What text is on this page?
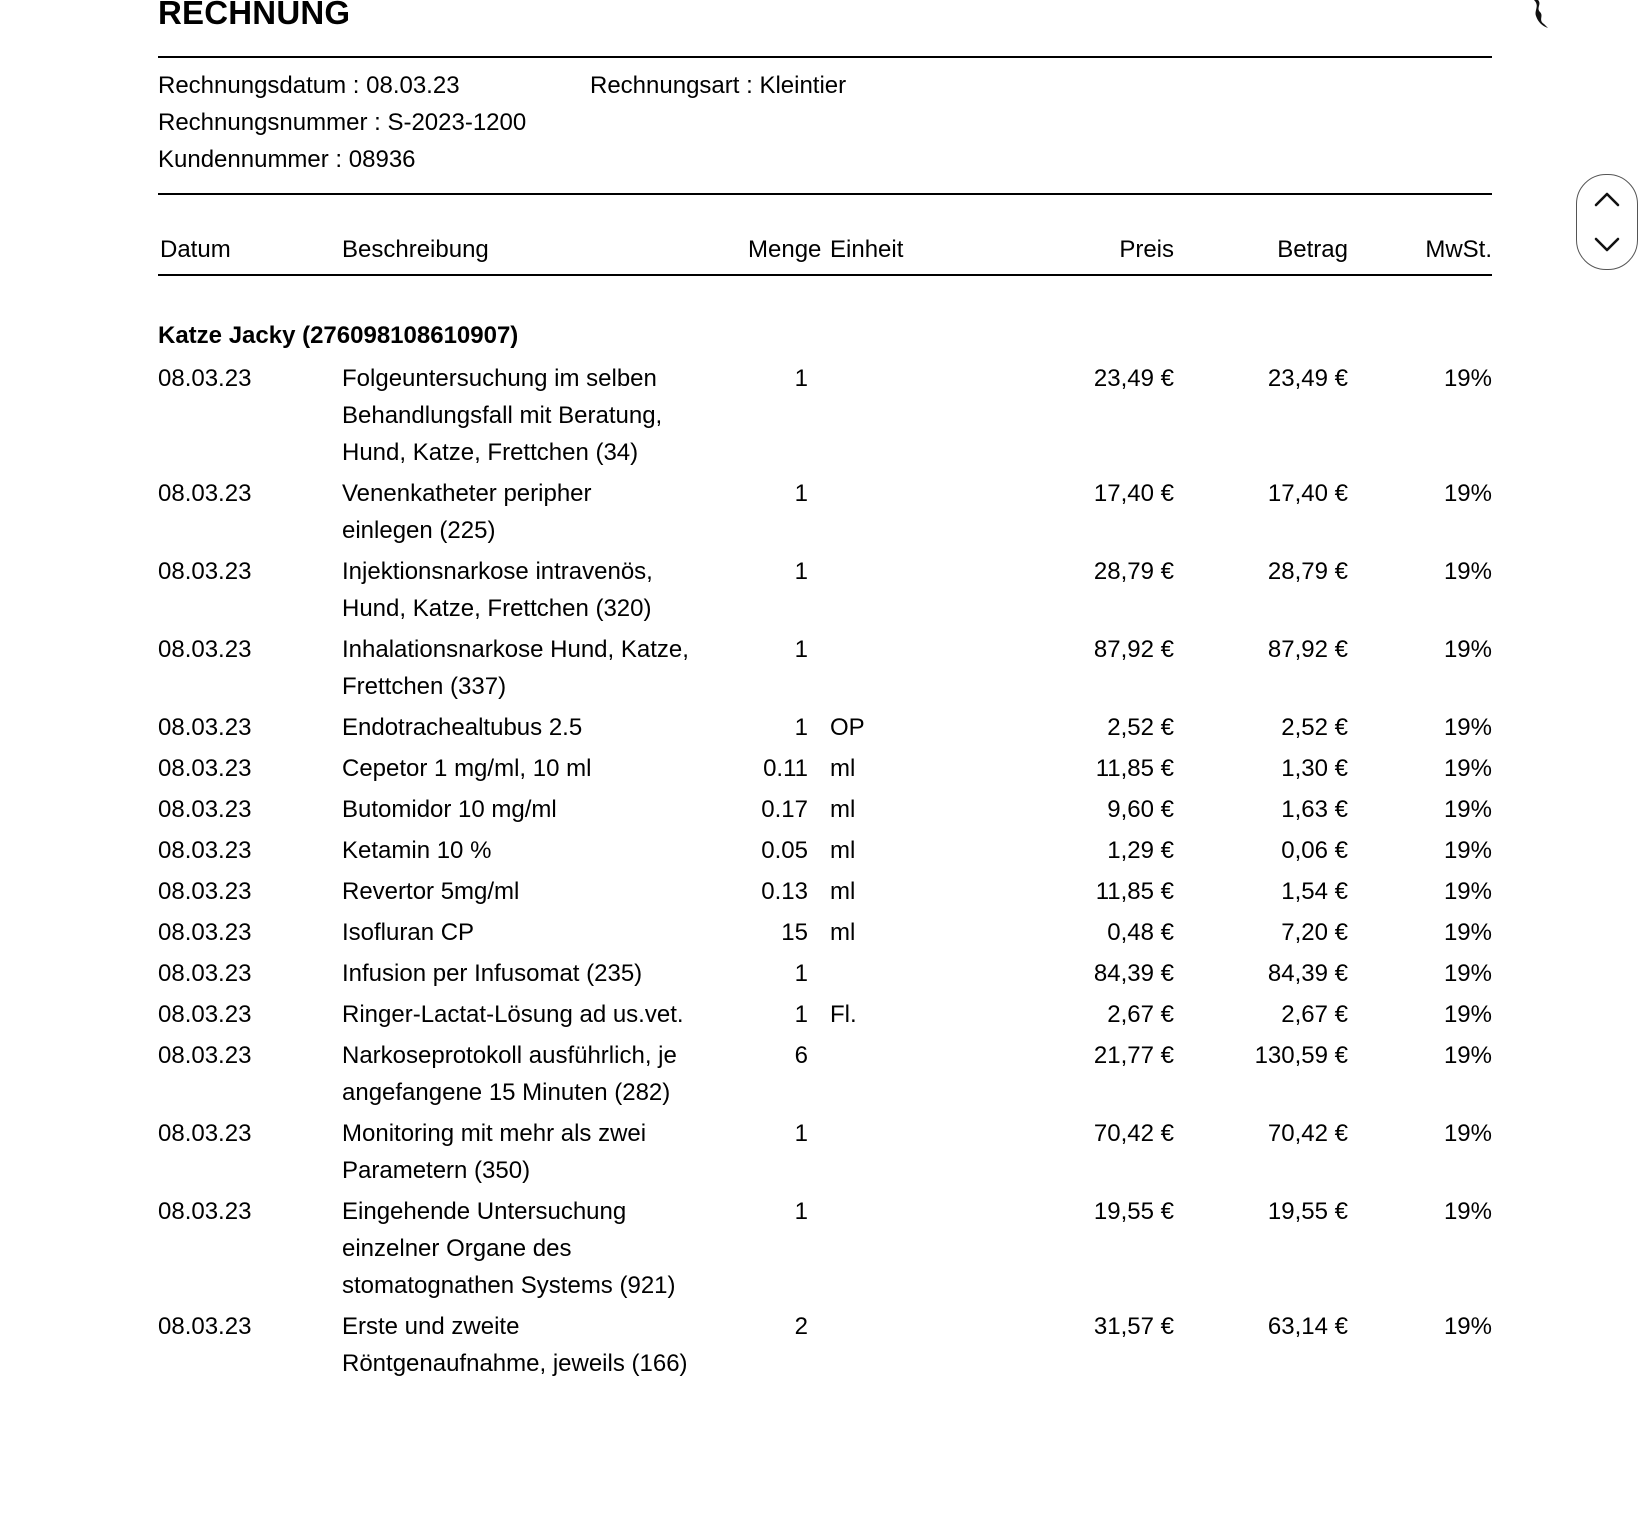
RECHNUNG
Rechnungsdatum : 08.03.23	Rechnungsart : Kleintier
Rechnungsnummer : S-2023-1200
Kundennummer : 08936
Datum	Beschreibung	Menge Einheit	Preis	Betrag	MwSt.
Katze Jacky (276098108610907)
08.03.23	Folgeuntersuchung im selben
Behandlungsfall mit Beratung,
Hund, Katze, Frettchen (34)
1	23,49 €	23,49 €	19%
08.03.23	Venenkatheter peripher
einlegen (225)
1	17,40 €	17,40 €	19%
08.03.23	Injektionsnarkose intravenös,
Hund, Katze, Frettchen (320)
1	28,79 €	28,79 €	19%
08.03.23	Inhalationsnarkose Hund, Katze,
Frettchen (337)
1	87,92 €	87,92 €	19%
08.03.23	Endotrachealtubus 2.5	1 OP	2,52 €	2,52 €	19%
08.03.23	Cepetor 1 mg/ml, 10 ml	0.11 ml	11,85 €	1,30 €	19%
08.03.23	Butomidor 10 mg/ml	0.17 ml	9,60 €	1,63 €	19%
08.03.23	Ketamin 10 %	0.05 ml	1,29 €	0,06 €	19%
08.03.23	Revertor 5mg/ml	0.13 ml	11,85 €	1,54 €	19%
08.03.23	Isofluran CP	15 ml	0,48 €	7,20 €	19%
08.03.23	Infusion per Infusomat (235)	1	84,39 €	84,39 €	19%
08.03.23	Ringer-Lactat-Lösung ad us.vet.	1 Fl.	2,67 €	2,67 €	19%
08.03.23	Narkoseprotokoll ausführlich, je
angefangene 15 Minuten (282)
6	21,77 €	130,59 €	19%
08.03.23	Monitoring mit mehr als zwei
Parametern (350)
1	70,42 €	70,42 €	19%
08.03.23	Eingehende Untersuchung
einzelner Organe des
stomatognathen Systems (921)
1	19,55 €	19,55 €	19%
08.03.23	Erste und zweite
Röntgenaufnahme, jeweils (166)
2	31,57 €	63,14 €	19%
